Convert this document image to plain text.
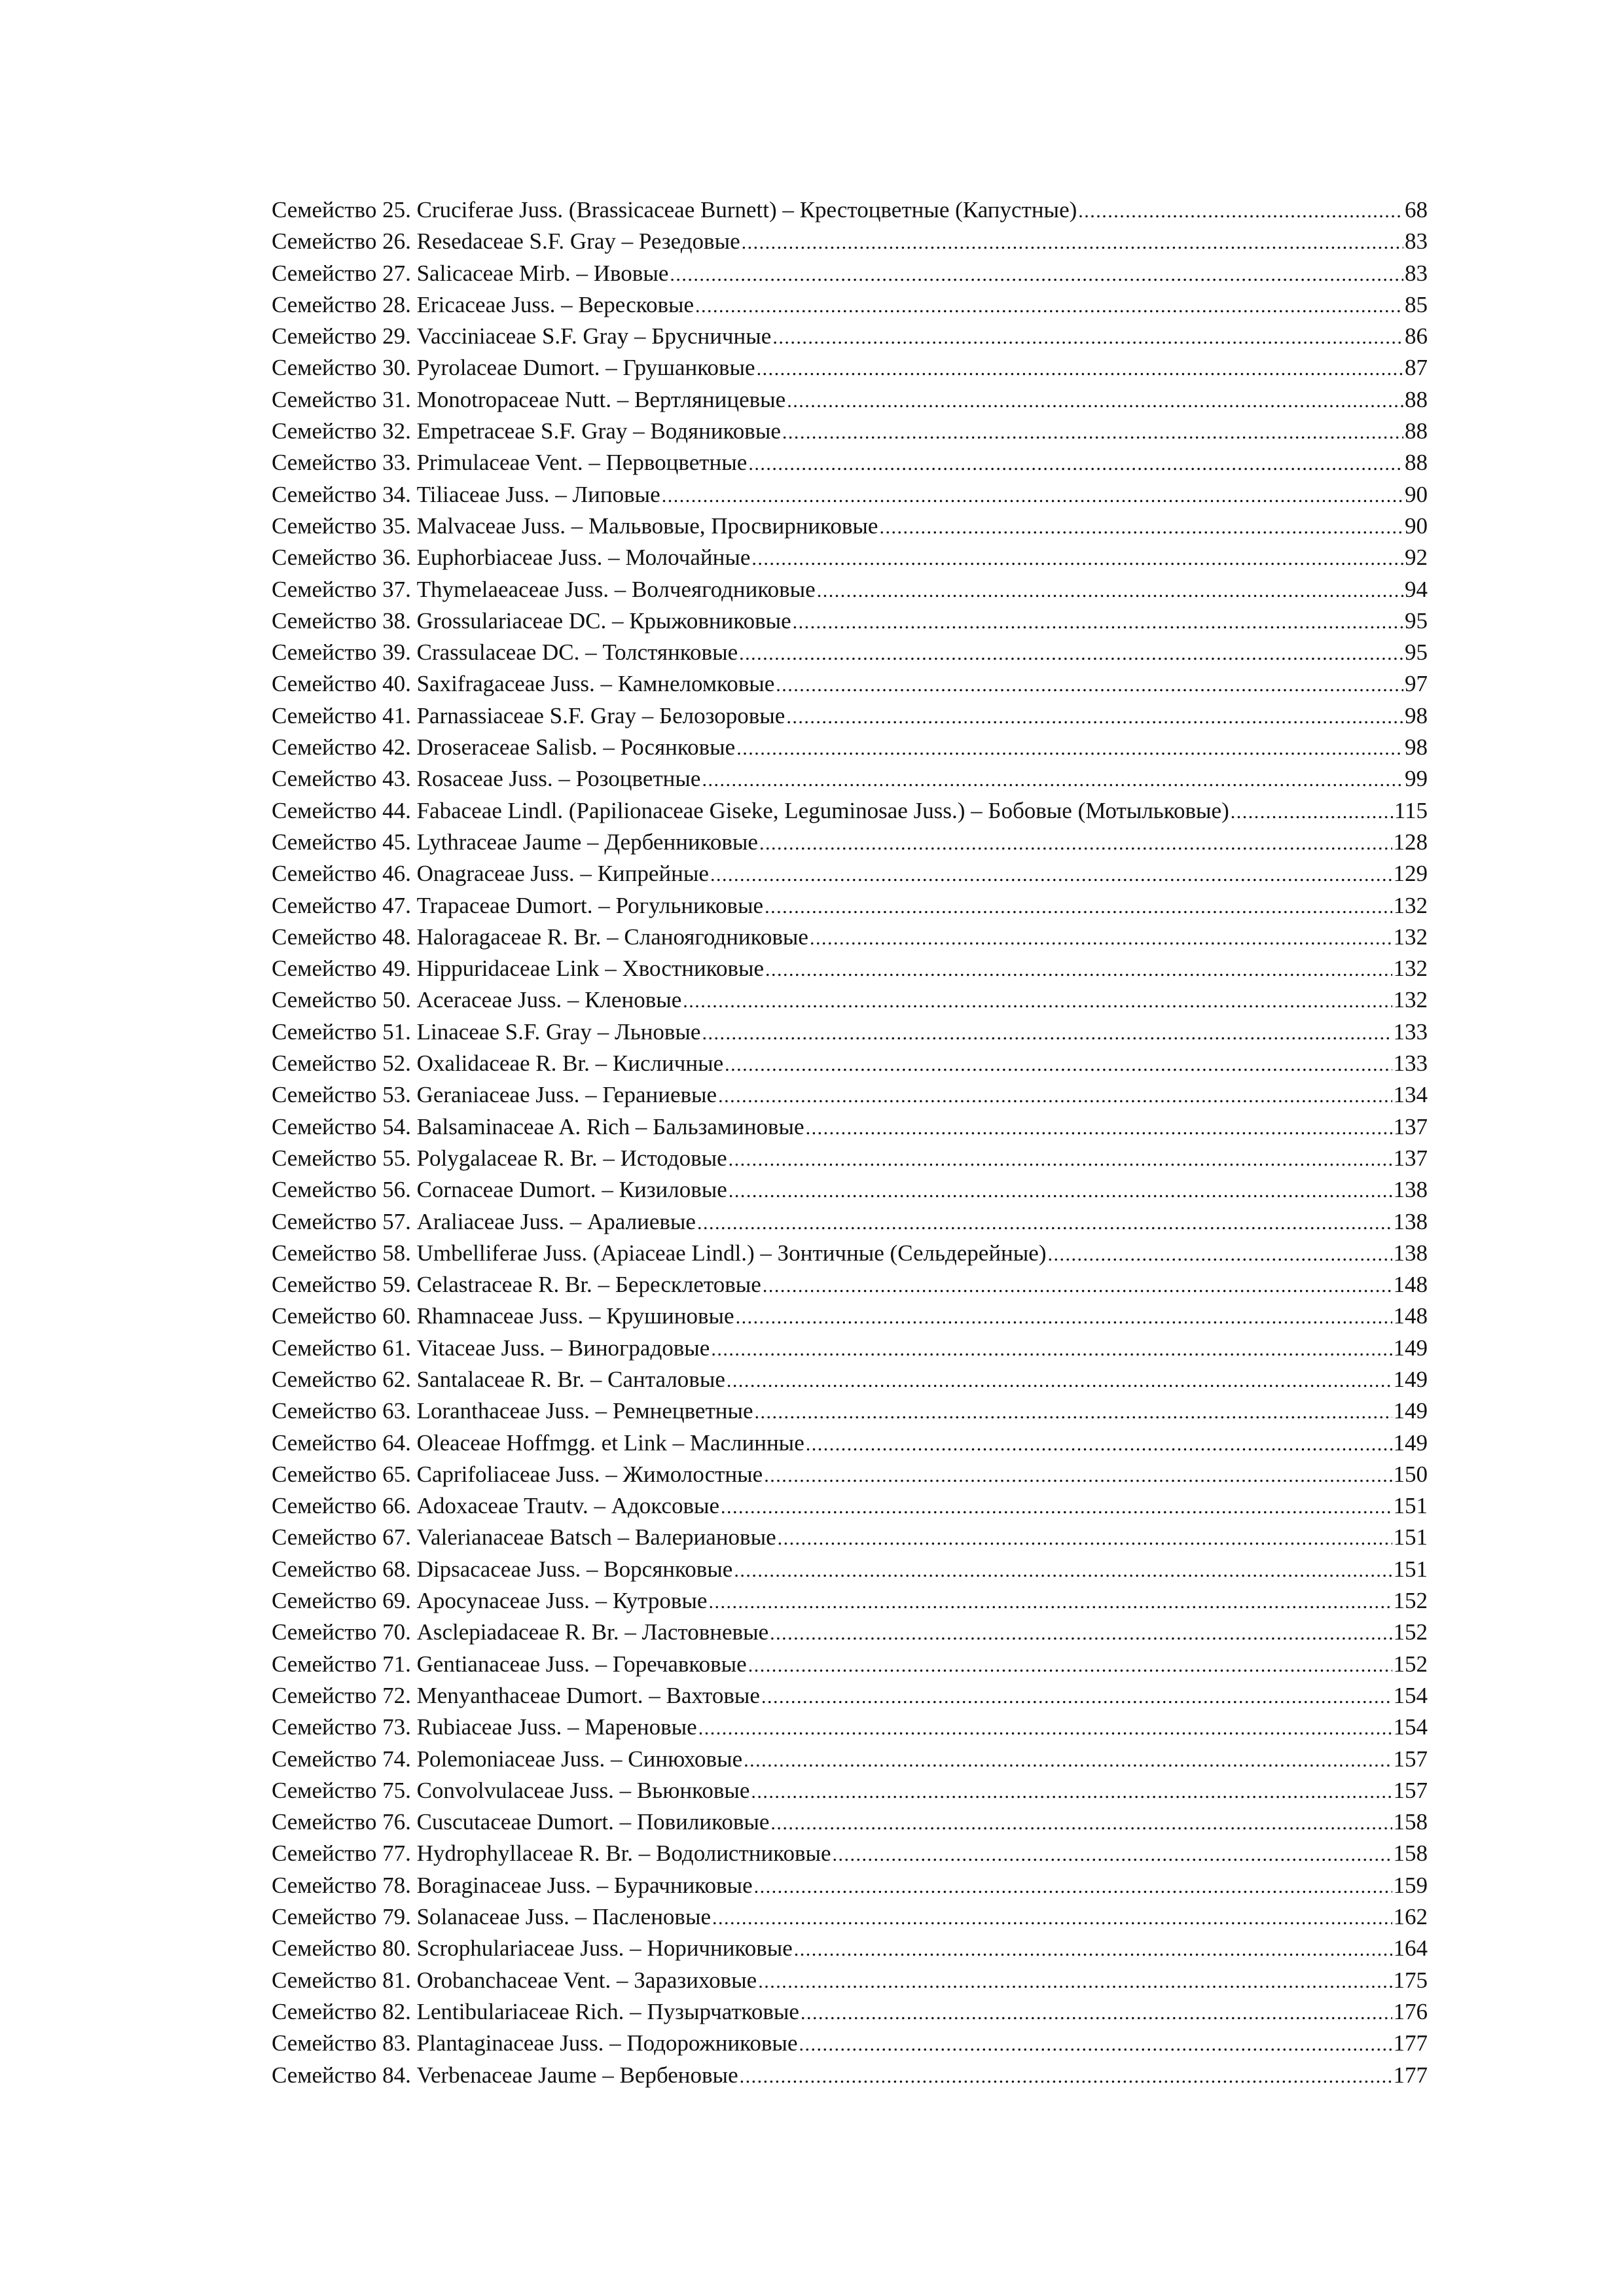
Семейство 25. Cruciferae Juss. (Brassicaceae Burnett) – Крестоцветные (Капустные) .....	68
Семейство 26. Resedaceae S.F. Gray – Резедовые .....	83
Семейство 27. Salicaceae Mirb. – Ивовые .....	83
Семейство 28. Ericaceae Juss. – Вересковые .....	85
Семейство 29. Vacciniaceae S.F. Gray – Брусничные .....	86
Семейство 30. Pyrolaceae Dumort. – Грушанковые .....	87
Семейство 31. Monotropaceae Nutt. – Вертляницевые .....	88
Семейство 32. Empetraceae S.F. Gray – Водяниковые .....	88
Семейство 33. Primulaceae Vent. – Первоцветные .....	88
Семейство 34. Tiliaceae Juss. – Липовые .....	90
Семейство 35. Malvaceae Juss. – Мальвовые, Просвирниковые .....	90
Семейство 36. Euphorbiaceae Juss. – Молочайные .....	92
Семейство 37. Thymelaeaceae Juss. – Волчеягодниковые .....	94
Семейство 38. Grossulariaceae DC. – Крыжовниковые .....	95
Семейство 39. Crassulaceae DC. – Толстянковые .....	95
Семейство 40. Saxifragaceae Juss. – Камнеломковые .....	97
Семейство 41. Parnassiaceae S.F. Gray – Белозоровые .....	98
Семейство 42. Droseraceae Salisb. – Росянковые .....	98
Семейство 43. Rosaceae Juss. – Розоцветные .....	99
Семейство 44. Fabaceae Lindl. (Papilionaceae Giseke, Leguminosae Juss.) – Бобовые (Мотыльковые) .....	115
Семейство 45. Lythraceae Jaume – Дербенниковые .....	128
Семейство 46. Onagraceae Juss. – Кипрейные .....	129
Семейство 47. Trapaceae Dumort. – Рогульниковые .....	132
Семейство 48. Haloragaceae R. Br. – Сланоягодниковые .....	132
Семейство 49. Hippuridaceae Link – Хвостниковые .....	132
Семейство 50. Aceraceae Juss. – Кленовые .....	132
Семейство 51. Linaceae S.F. Gray – Льновые .....	133
Семейство 52. Oxalidaceae R. Br. – Кисличные .....	133
Семейство 53. Geraniaceae Juss. – Гераниевые .....	134
Семейство 54. Balsaminaceae A. Rich – Бальзаминовые .....	137
Семейство 55. Polygalaceae R. Br. – Истодовые .....	137
Семейство 56. Cornaceae Dumort. – Кизиловые .....	138
Семейство 57. Araliaceae Juss. – Аралиевые .....	138
Семейство 58. Umbelliferae Juss. (Apiaceae Lindl.) – Зонтичные (Сельдерейные) .....	138
Семейство 59. Celastraceae R. Br. – Бересклетовые .....	148
Семейство 60. Rhamnaceae Juss. – Крушиновые .....	148
Семейство 61. Vitaceae Juss. – Виноградовые .....	149
Семейство 62. Santalaceae R. Br. – Санталовые .....	149
Семейство 63. Loranthaceae Juss. – Ремнецветные .....	149
Семейство 64. Oleaceae Hoffmgg. et Link – Маслинные .....	149
Семейство 65. Caprifoliaceae Juss. – Жимолостные .....	150
Семейство 66. Adoxaceae Trautv. – Адоксовые .....	151
Семейство 67. Valerianaceae Batsch – Валериановые .....	151
Семейство 68. Dipsacaceae Juss. – Ворсянковые .....	151
Семейство 69. Apocynaceae Juss. – Кутровые .....	152
Семейство 70. Asclepiadaceae R. Br. – Ластовневые .....	152
Семейство 71. Gentianaceae Juss. – Горечавковые .....	152
Семейство 72. Menyanthaceae Dumort. – Вахтовые .....	154
Семейство 73. Rubiaceae Juss. – Мареновые .....	154
Семейство 74. Polemoniaceae Juss. – Синюховые .....	157
Семейство 75. Convolvulaceae Juss. – Вьюнковые .....	157
Семейство 76. Cuscutaceae Dumort. – Повиликовые .....	158
Семейство 77. Hydrophyllaceae R. Br. – Водолистниковые .....	158
Семейство 78. Boraginaceae Juss. – Бурачниковые .....	159
Семейство 79. Solanaceae Juss. – Пасленовые .....	162
Семейство 80. Scrophulariaceae Juss. – Норичниковые .....	164
Семейство 81. Orobanchaceae Vent. – Заразиховые .....	175
Семейство 82. Lentibulariaceae Rich. – Пузырчатковые .....	176
Семейство 83. Plantaginaceae Juss. – Подорожниковые .....	177
Семейство 84. Verbenaceae Jaume – Вербеновые .....	177
